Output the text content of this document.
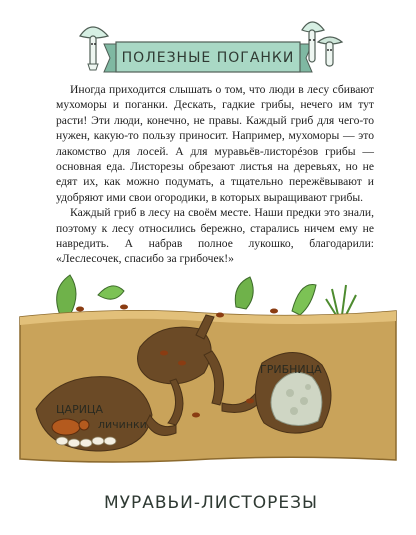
ПОЛЕЗНЫЕ ПОГАНКИ

Иногда приходится слышать о том, что люди в лесу сбивают мухоморы и поганки. Дескать, гадкие грибы, нечего им тут расти! Эти люди, конечно, не правы. Каждый гриб для чего-то нужен, какую-то пользу приносит. Например, мухоморы — это лакомство для лосей. А для муравьёв-листорéзов грибы — основная еда. Листорезы обрезают листья на деревьях, но не едят их, как можно подумать, а тщательно пережёвывают и удобряют ими свои огородики, в которых выращивают грибы.

Каждый гриб в лесу на своём месте. Наши предки это знали, поэтому к лесу относились бережно, старались ничем ему не навредить. А набрав полное лукошко, благодарили: «Леслесочек, спасибо за грибочек!»

ЦАРИЦА
личинки
ГРИБНИЦА
МУРАВЬИ-ЛИСТОРЕЗЫ
